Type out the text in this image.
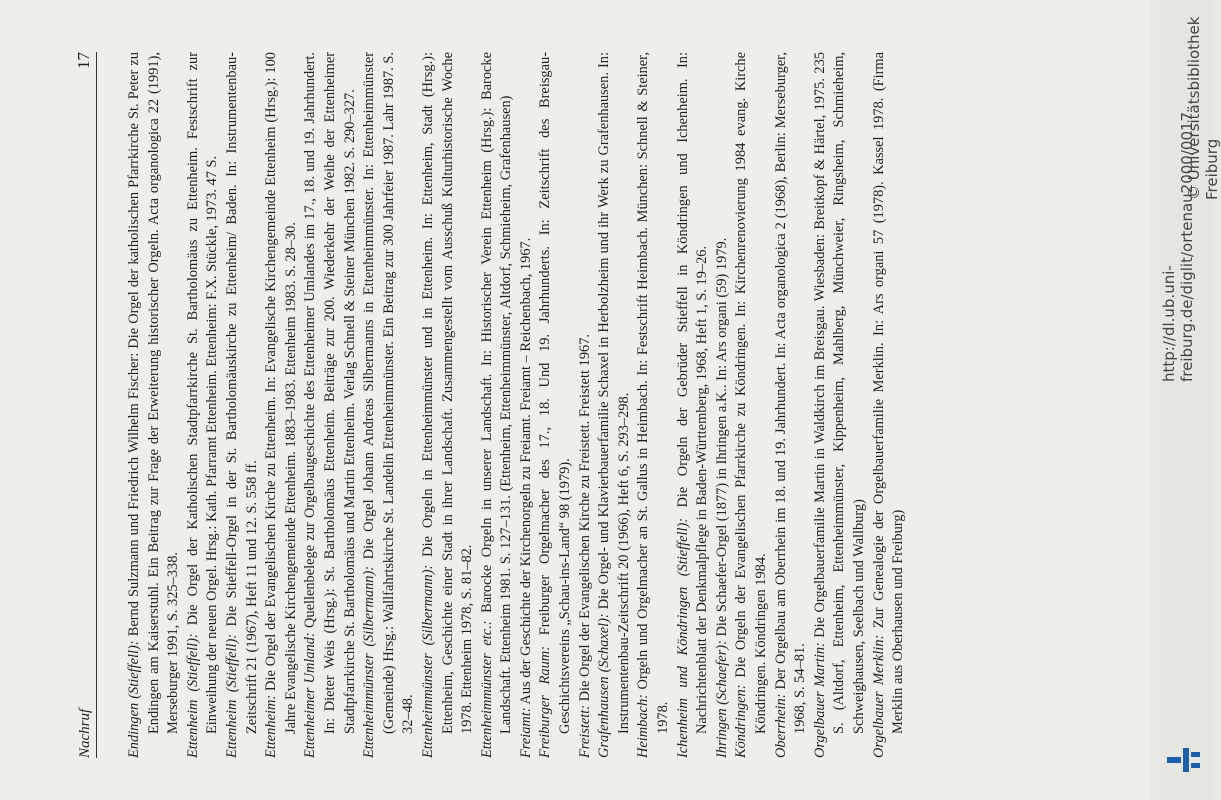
Nachruf
17

Endingen (Stieffell): Bernd Sulzmann und Friedrich Wilhelm Fischer: Die Orgel der katholischen Pfarrkirche St. Peter zu Endingen am Kaiserstuhl. Ein Beitrag zur Frage der Erweiterung historischer Orgeln. Acta organologica 22 (1991), Merseburger 1991, S. 325–338. Ettenheim (Stieffell): Die Orgel der Katholischen Stadtpfarrkirche St. Bartholomäus zu Ettenheim. Festschrift zur Einweihung der neuen Orgel. Hrsg.: Kath. Pfarramt Ettenheim. Ettenheim: F.X. Stückle, 1973. 47 S. Ettenheim (Stieffell): Die Stieffell-Orgel in der St. Bartholomäuskirche zu Ettenheim/ Baden. In: Instrumentenbau-Zeitschrift 21 (1967), Heft 11 und 12. S. 558 ff. Ettenheim: Die Orgel der Evangelischen Kirche zu Ettenheim. In: Evangelische Kirchengemeinde Ettenheim (Hrsg.): 100 Jahre Evangelische Kirchengemeinde Ettenheim. 1883–1983. Ettenheim 1983. S. 28–30. Ettenheimer Umland: Quellenbelege zur Orgelbaugeschichte des Ettenheimer Umlandes im 17., 18. und 19. Jahrhundert. In: Dieter Weis (Hrsg.): St. Bartholomäus Ettenheim. Beiträge zur 200. Wiederkehr der Weihe der Ettenheimer Stadtpfarrkirche St. Bartholomäus und Martin Ettenheim. Verlag Schnell & Steiner München 1982. S. 290–327. Ettenheimmünster (Silbermann): Die Orgel Johann Andreas Silbermanns in Ettenheimmünster. In: Ettenheimmünster (Gemeinde) Hrsg.: Wallfahrtskirche St. Landelin Ettenheimmünster. Ein Beitrag zur 300 Jahrfeier 1987. Lahr 1987. S. 32–48. Ettenheimmünster (Silbermann): Die Orgeln in Ettenheimmünster und in Ettenheim. In: Ettenheim, Stadt (Hrsg.): Ettenheim, Geschichte einer Stadt in ihrer Landschaft. Zusammengestellt vom Ausschuß Kulturhistorische Woche 1978. Ettenheim 1978, S. 81–82. Ettenheimmünster etc.: Barocke Orgeln in unserer Landschaft. In: Historischer Verein Ettenheim (Hrsg.): Barocke Landschaft. Ettenheim 1981. S. 127–131. (Ettenheim, Ettenheimmünster, Altdorf, Schmieheim, Grafenhausen) Freiamt: Aus der Geschichte der Kirchenorgeln zu Freiamt. Freiamt – Reichenbach, 1967. Freiburger Raum: Freiburger Orgelmacher des 17., 18. Und 19. Jahrhunderts. In: Zeitschrift des Breisgau-Geschichtsvereins „Schau-ins-Land“ 98 (1979). Freistett: Die Orgel der Evangelischen Kirche zu Freistett. Freistett 1967. Grafenhausen (Schaxel): Die Orgel- und Klavierbauerfamilie Schaxel in Herbolzheim und ihr Werk zu Grafenhausen. In: Instrumentenbau-Zeitschrift 20 (1966), Heft 6, S. 293–298. Heimbach: Orgeln und Orgelmacher an St. Gallus in Heimbach. In: Festschrift Heimbach. München: Schnell & Steiner, 1978. Ichenheim und Köndringen (Stieffell): Die Orgeln der Gebrüder Stieffell in Köndringen und Ichenheim. In: Nachrichtenblatt der Denkmalpflege in Baden-Württemberg, 1968, Heft 1, S. 19–26. Ihringen (Schaefer): Die Schaefer-Orgel (1877) in Ihringen a.K.. In: Ars organi (59) 1979.

Köndringen: Die Orgeln der Evangelischen Pfarrkirche zu Köndringen. In: Kirchenrenovierung 1984 evang. Kirche Köndringen. Köndringen 1984. Oberrhein: Der Orgelbau am Oberrhein im 18. und 19. Jahrhundert. In: Acta organologica 2 (1968), Berlin: Merseburger, 1968, S. 54–81. Orgelbauer Martin: Die Orgelbauerfamilie Martin in Waldkirch im Breisgau. Wiesbaden: Breitkopf & Härtel, 1975. 235 S. (Altdorf, Ettenheim, Ettenheimmünster, Kippenheim, Mahlberg, Münchweier, Ringsheim, Schmieheim, Schweighausen, Seelbach und Wallburg) Orgelbauer Merklin: Zur Genealogie der Orgelbauerfamilie Merklin. In: Ars organi 57 (1978). Kassel 1978. (Firma Merklin aus Oberhausen und Freiburg)

http://dl.ub.uni-freiburg.de/diglit/ortenau2000/0017
© Universitätsbibliothek Freiburg
